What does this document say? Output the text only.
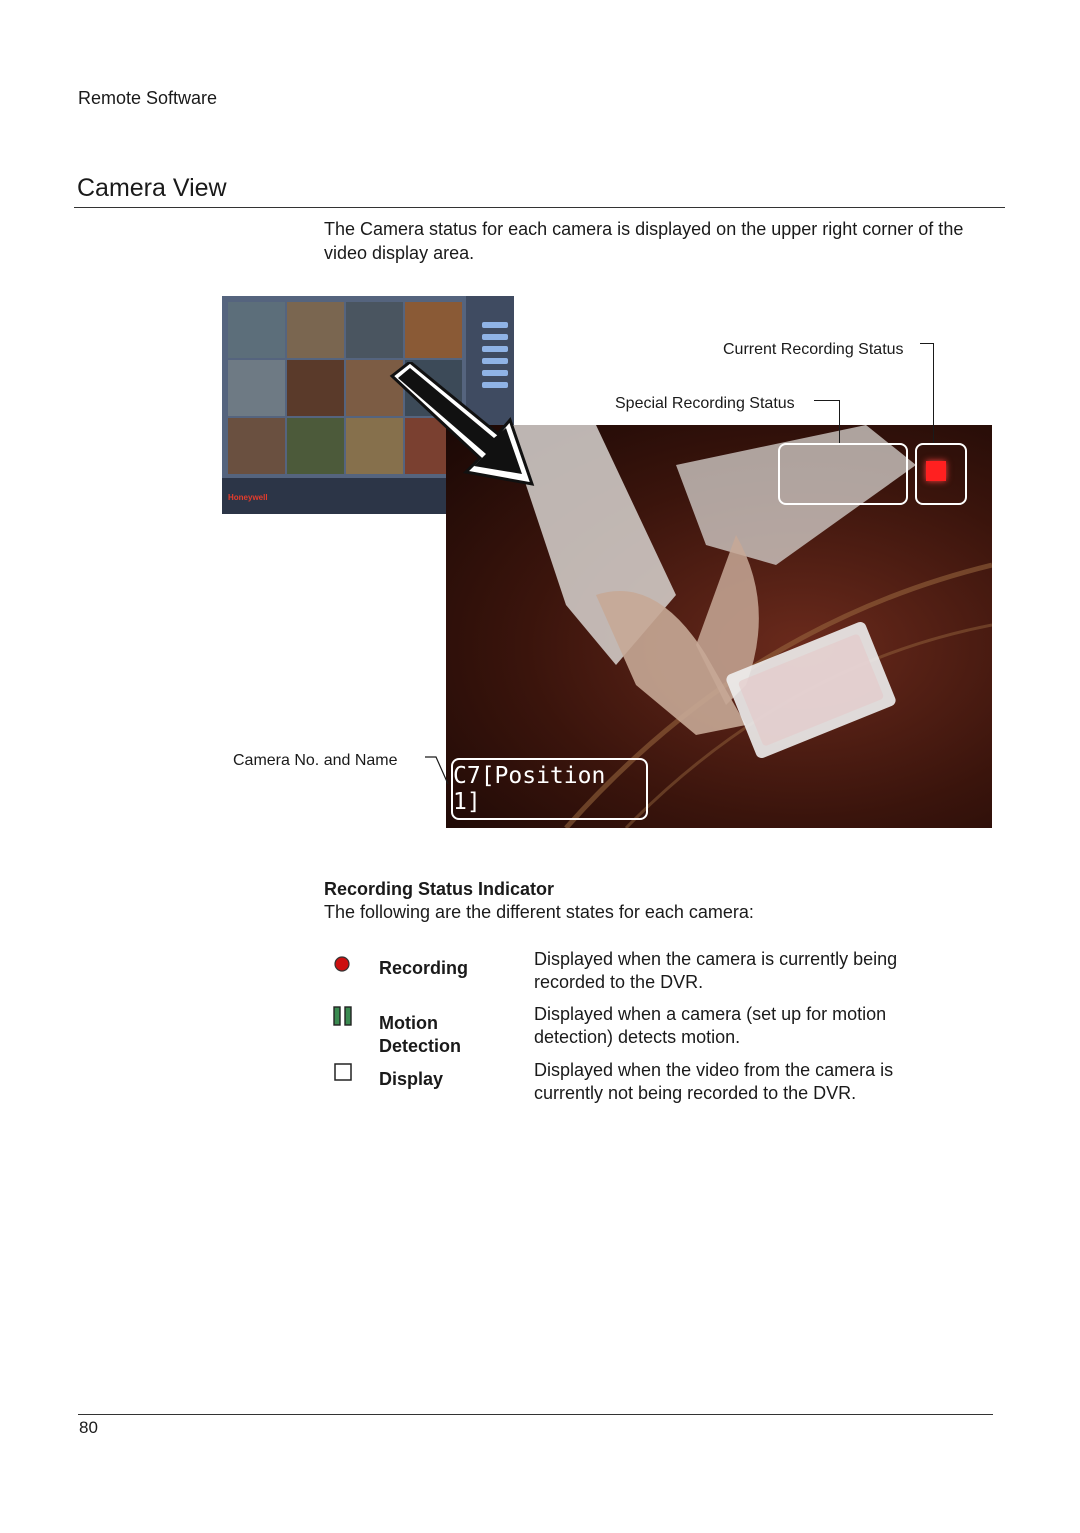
Remote Software
Camera View
The Camera status for each camera is displayed on the upper right corner of the video display area.
Honeywell
Current Recording Status
Special Recording Status
Camera No. and Name
C7[Position 1]
Recording Status Indicator
The following are the different states for each camera:
Recording	Displayed when the camera is currently being
recorded to the DVR.
Motion
Detection
Displayed when a camera (set up for motion
detection) detects motion.
Display	Displayed when the video from the camera is
currently not being recorded to the DVR.
80
